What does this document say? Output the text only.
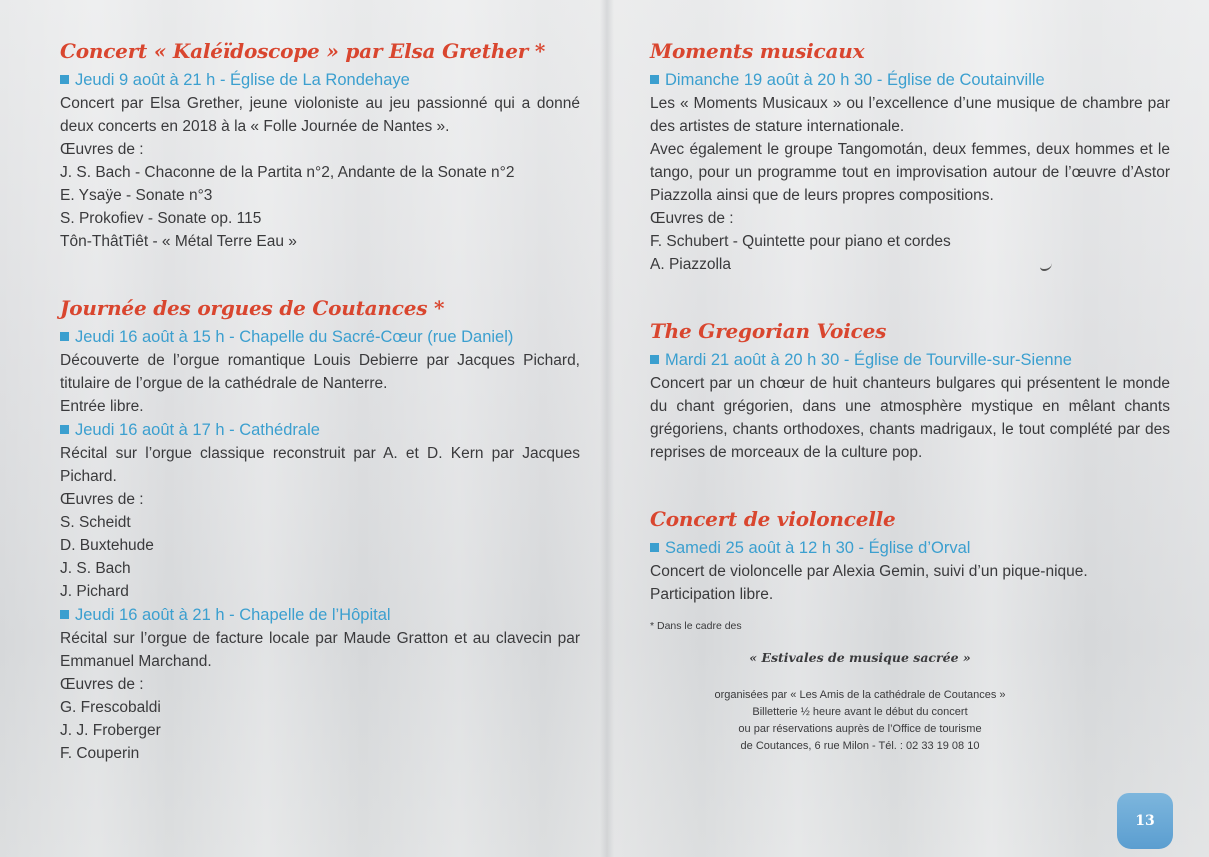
Concert « Kaléïdoscope » par Elsa Grether *
Jeudi 9 août à 21 h - Église de La Rondehaye

Concert par Elsa Grether, jeune violoniste au jeu passionné qui a donné deux concerts en 2018 à la « Folle Journée de Nantes ».

Œuvres de :

J. S. Bach - Chaconne de la Partita n°2, Andante de la Sonate n°2

E. Ysaÿe - Sonate n°3

S. Prokofiev - Sonate op. 115

Tôn-ThâtTiêt - « Métal Terre Eau »

Journée des orgues de Coutances *
Jeudi 16 août à 15 h - Chapelle du Sacré-Cœur (rue Daniel)

Découverte de l’orgue romantique Louis Debierre par Jacques Pichard, titulaire de l’orgue de la cathédrale de Nanterre.

Entrée libre.

Jeudi 16 août à 17 h - Cathédrale

Récital sur l’orgue classique reconstruit par A. et D. Kern par Jacques Pichard.

Œuvres de :

S. Scheidt

D. Buxtehude

J. S. Bach

J. Pichard

Jeudi 16 août à 21 h - Chapelle de l’Hôpital

Récital sur l’orgue de facture locale par Maude Gratton et au clavecin par Emmanuel Marchand.

Œuvres de :

G. Frescobaldi

J. J. Froberger

F. Couperin

Moments musicaux
Dimanche 19 août à 20 h 30 - Église de Coutainville

Les « Moments Musicaux » ou l’excellence d’une musique de chambre par des artistes de stature internationale.

Avec également le groupe Tangomotán, deux femmes, deux hommes et le tango, pour un programme tout en improvisation autour de l’œuvre d’Astor Piazzolla ainsi que de leurs propres compositions.

Œuvres de :

F. Schubert - Quintette pour piano et cordes

A. Piazzolla

The Gregorian Voices
Mardi 21 août à 20 h 30 - Église de Tourville-sur-Sienne

Concert par un chœur de huit chanteurs bulgares qui présentent le monde du chant grégorien, dans une atmosphère mystique en mêlant chants grégoriens, chants orthodoxes, chants madrigaux, le tout complété par des reprises de morceaux de la culture pop.

Concert de violoncelle
Samedi 25 août à 12 h 30 - Église d’Orval

Concert de violoncelle par Alexia Gemin, suivi d’un pique-nique.

Participation libre.

* Dans le cadre des
« Estivales de musique sacrée »
organisées par « Les Amis de la cathédrale de Coutances »
Billetterie ½ heure avant le début du concert
ou par réservations auprès de l’Office de tourisme
de Coutances, 6 rue Milon - Tél. : 02 33 19 08 10
13
